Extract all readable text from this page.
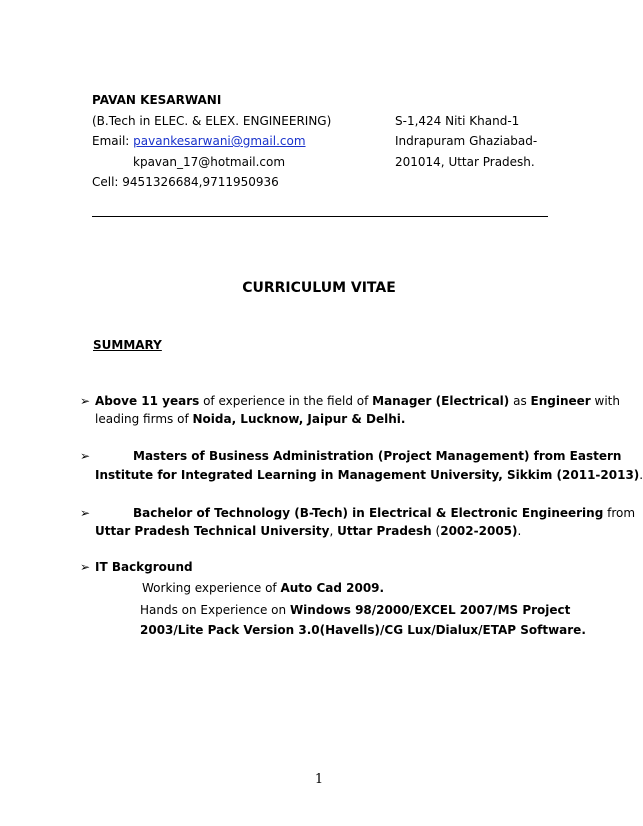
PAVAN KESARWANI
(B.Tech in ELEC. & ELEX. ENGINEERING)
Email: pavankesarwani@gmail.com
kpavan_17@hotmail.com
Cell: 9451326684,9711950936
S-1,424 Niti Khand-1
Indrapuram Ghaziabad-
201014, Uttar Pradesh.
CURRICULUM VITAE
SUMMARY
➢ Above 11 years of experience in the field of Manager (Electrical) as Engineer with
leading firms of Noida, Lucknow, Jaipur & Delhi.
➢	Masters of Business Administration (Project Management) from Eastern
Institute for Integrated Learning in Management University, Sikkim (2011-2013).
➢	Bachelor of Technology (B-Tech) in Electrical & Electronic Engineering from
Uttar Pradesh Technical University, Uttar Pradesh (2002-2005).
➢ IT Background
Working experience of Auto Cad 2009.
Hands on Experience on Windows 98/2000/EXCEL 2007/MS Project
2003/Lite Pack Version 3.0(Havells)/CG Lux/Dialux/ETAP Software.
1
